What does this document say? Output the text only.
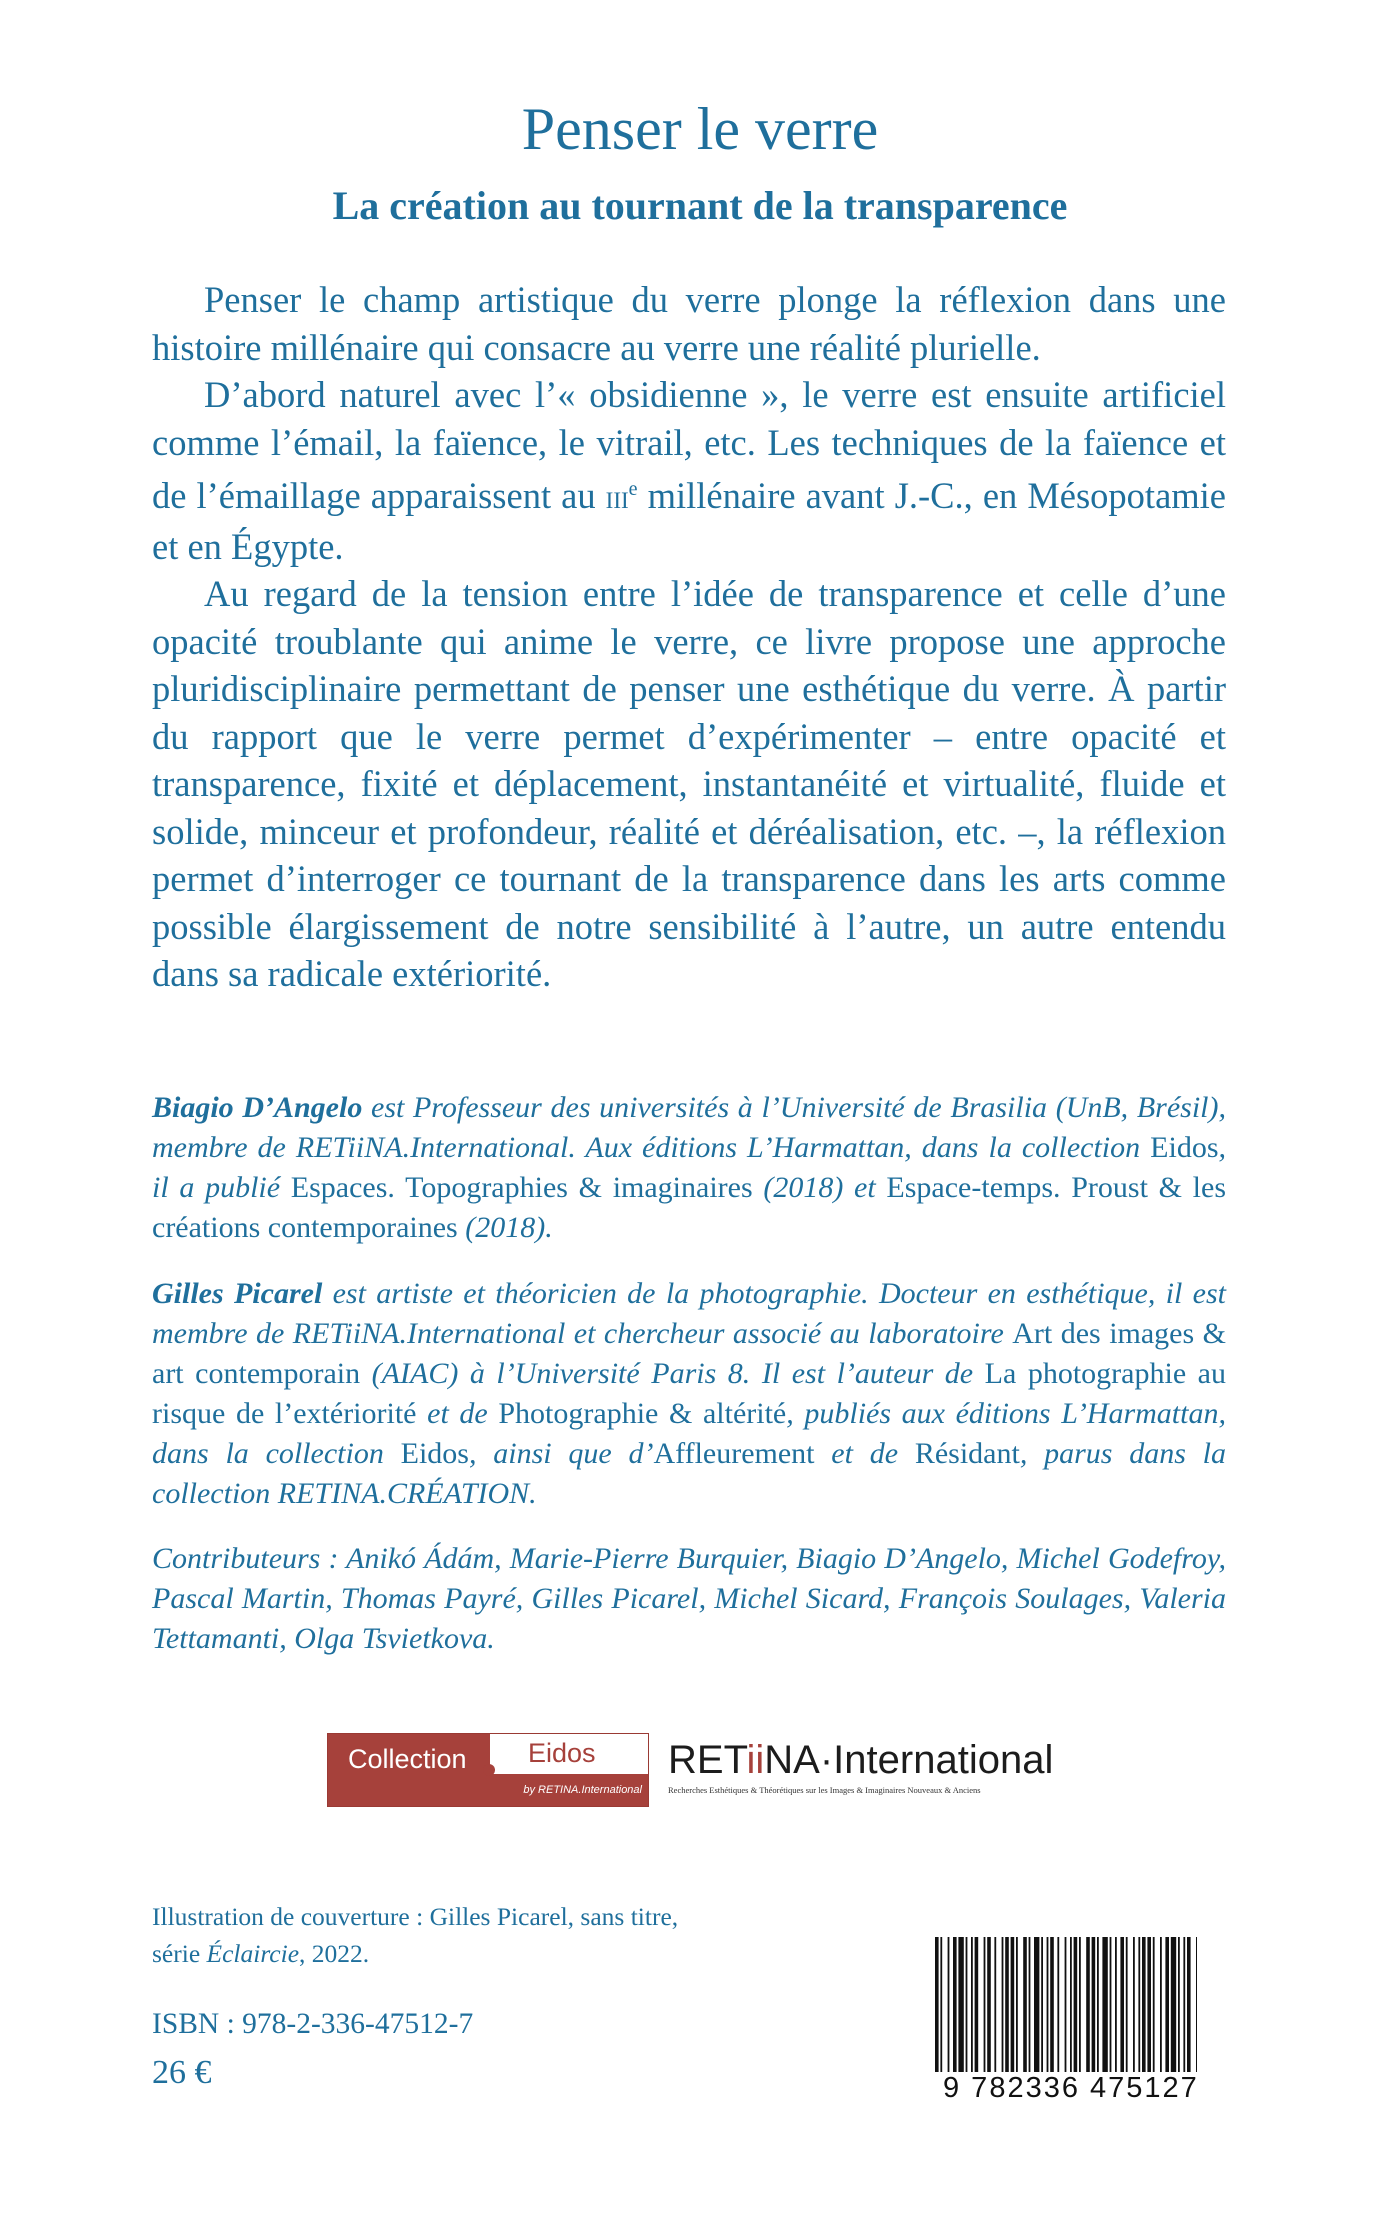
Penser le verre
La création au tournant de la transparence

Penser le champ artistique du verre plonge la réflexion dans une histoire millénaire qui consacre au verre une réalité plurielle.

D’abord naturel avec l’« obsidienne », le verre est ensuite artificiel comme l’émail, la faïence, le vitrail, etc. Les techniques de la faïence et de l’émaillage apparaissent au iii$^e$ millénaire avant J.-C., en Mésopotamie et en Égypte.

Au regard de la tension entre l’idée de transparence et celle d’une opacité troublante qui anime le verre, ce livre propose une approche pluridisciplinaire permettant de penser une esthétique du verre. À partir du rapport que le verre permet d’expérimenter – entre opacité et transparence, fixité et déplacement, instantanéité et virtualité, fluide et solide, minceur et profondeur, réalité et déréalisation, etc. –, la réflexion permet d’interroger ce tournant de la transparence dans les arts comme possible élargissement de notre sensibilité à l’autre, un autre entendu dans sa radicale extériorité.

Biagio D’Angelo est Professeur des universités à l’Université de Brasilia (UnB, Brésil), membre de RETiiNA.International. Aux éditions L’Harmattan, dans la collection Eidos, il a publié Espaces. Topographies & imaginaires (2018) et Espace-temps. Proust & les créations contemporaines (2018).
Gilles Picarel est artiste et théoricien de la photographie. Docteur en esthétique, il est membre de RETiiNA.International et chercheur associé au laboratoire Art des images & art contemporain (AIAC) à l’Université Paris 8. Il est l’auteur de La photographie au risque de l’extériorité et de Photographie & altérité, publiés aux éditions L’Harmattan, dans la collection Eidos, ainsi que d’Affleurement et de Résidant, parus dans la collection RETINA.CRÉATION.
Contributeurs : Anikó Ádám, Marie-Pierre Burquier, Biagio D’Angelo, Michel Godefroy, Pascal Martin, Thomas Payré, Gilles Picarel, Michel Sicard, François Soulages, Valeria Tettamanti, Olga Tsvietkova.
Collection	Eidos
by RETINA.International
RETiiNA·International
Recherches Esthétiques & Théorétiques sur les Images & Imaginaires Nouveaux & Anciens
Illustration de couverture : Gilles Picarel, sans titre,
série Éclaircie, 2022.
ISBN : 978-2-336-47512-7
26 €	9 782336 475127
